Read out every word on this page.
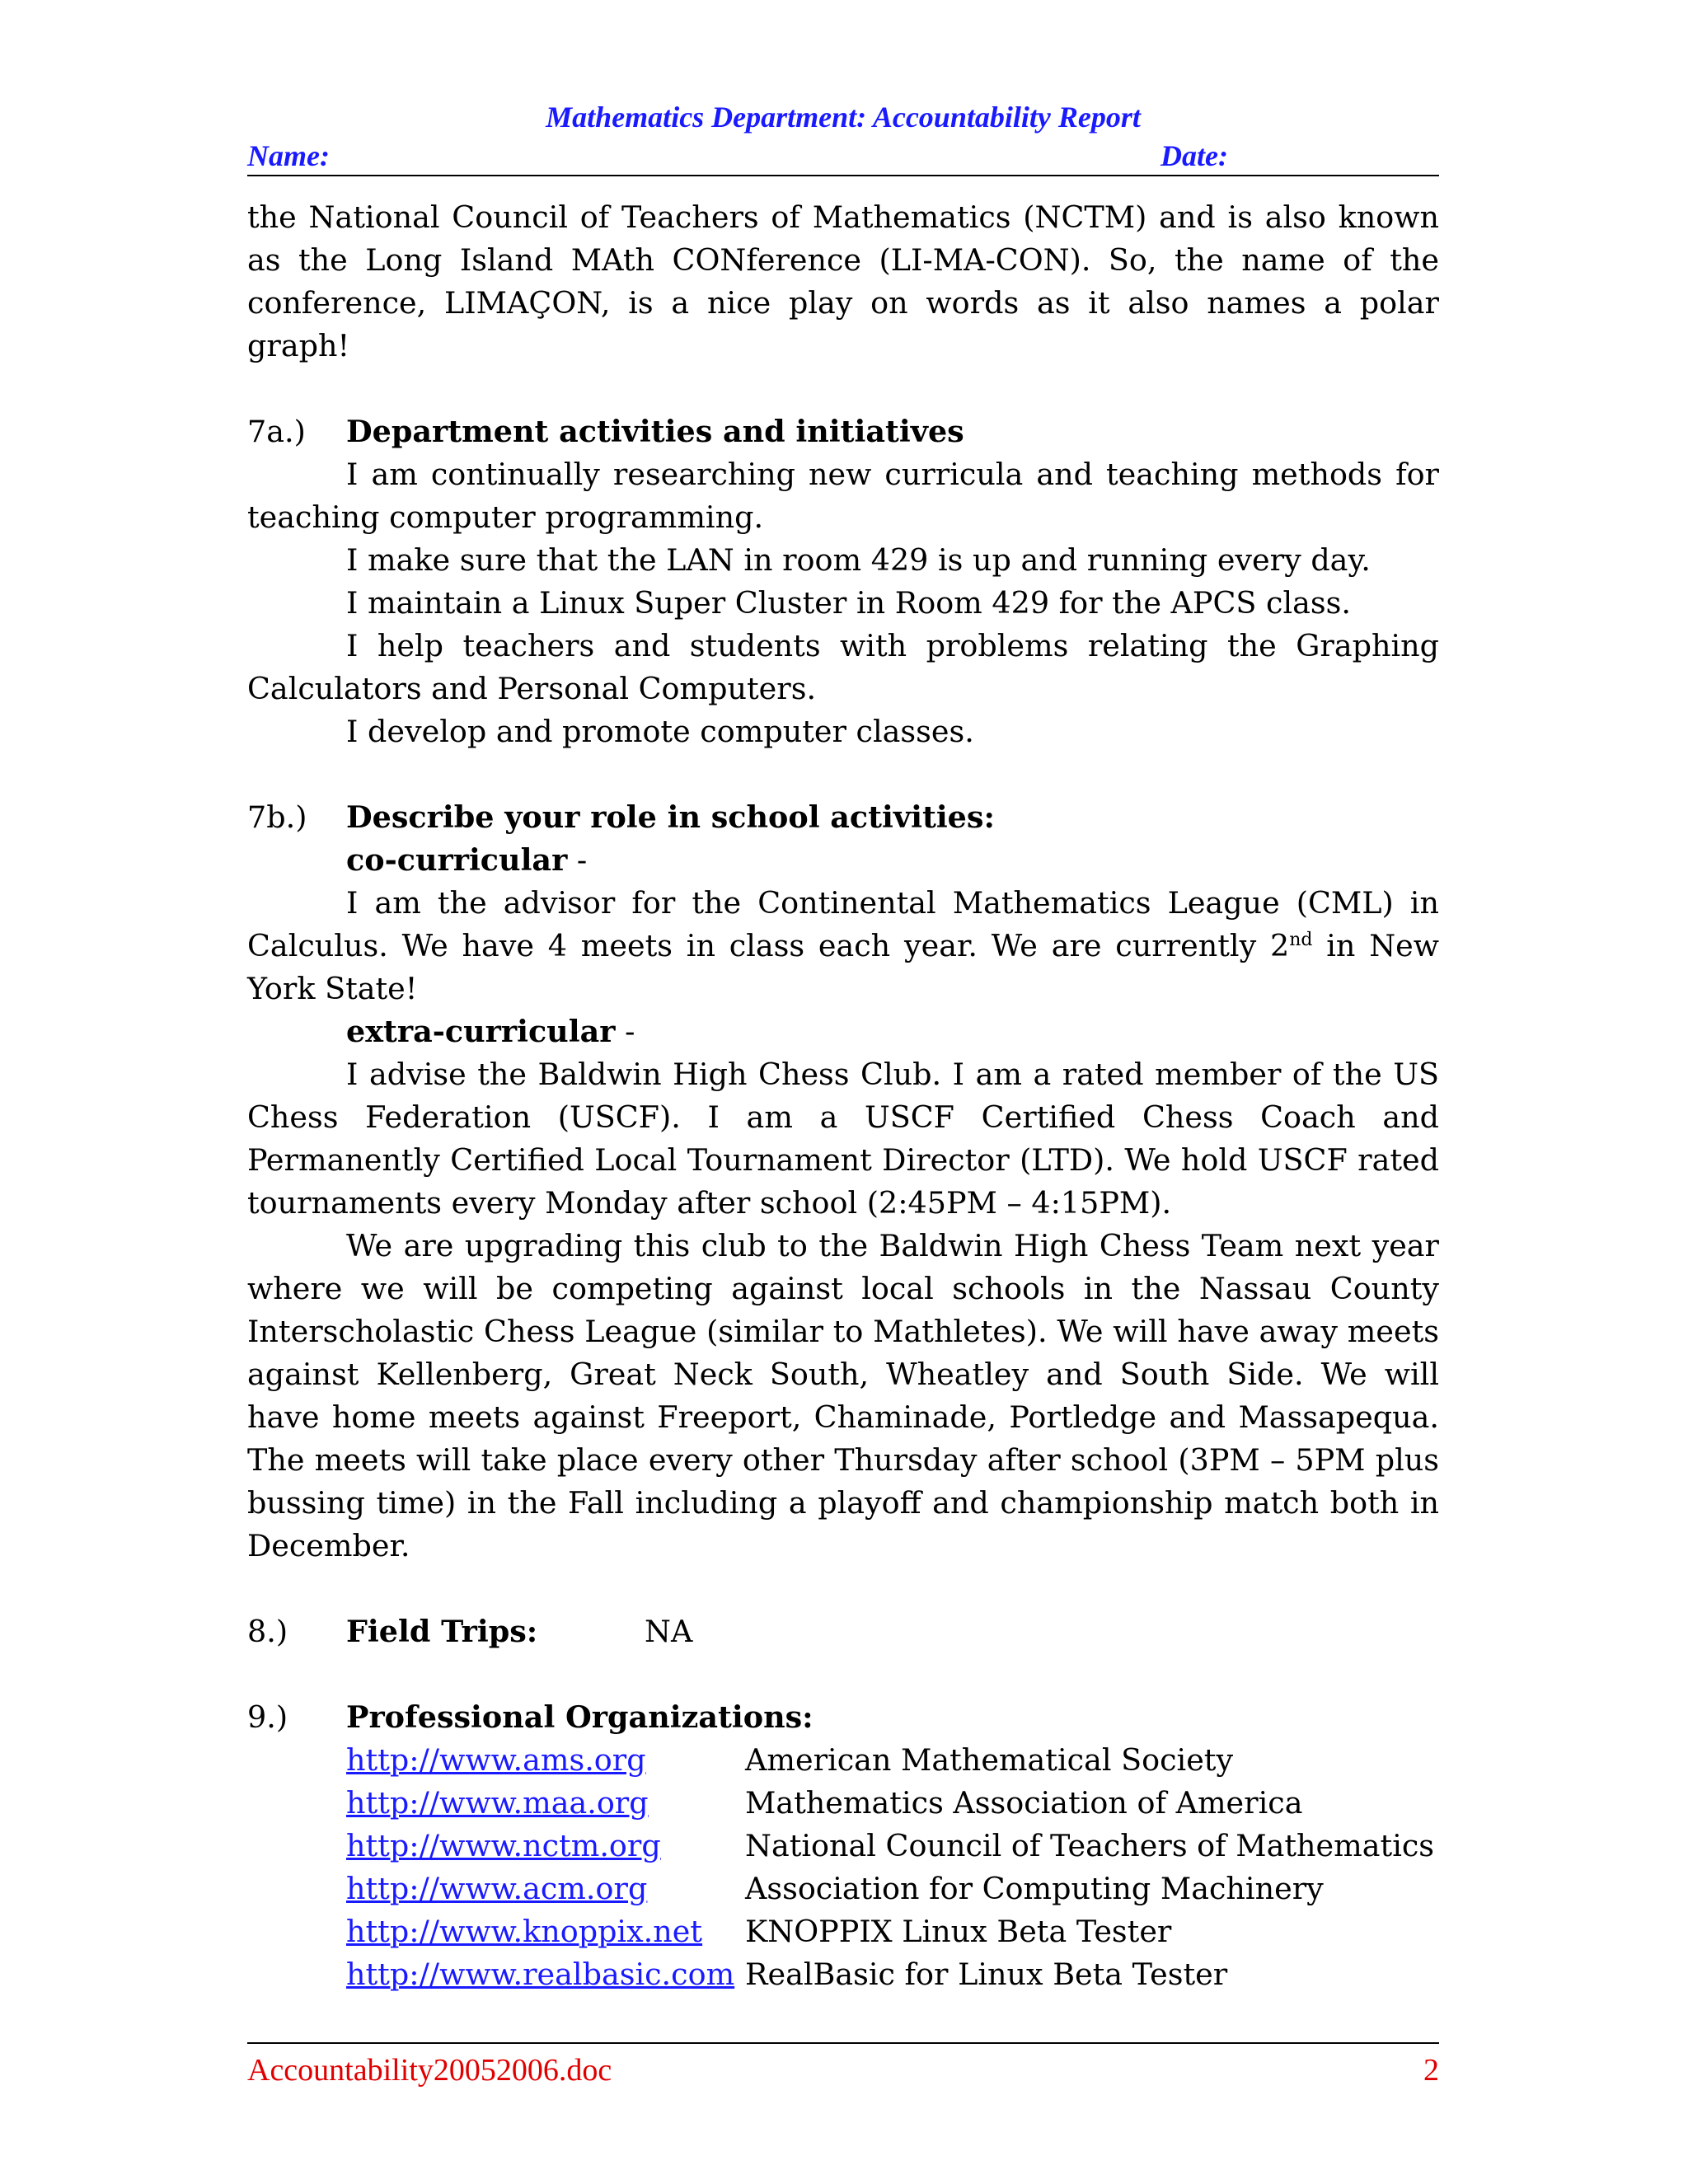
Mathematics Department: Accountability Report
Name:	Date:

the National Council of Teachers of Mathematics (NCTM) and is also known as the Long Island MAth CONference (LI-MA-CON). So, the name of the conference, LIMAÇON, is a nice play on words as it also names a polar graph!

7a.) Department activities and initiatives

I am continually researching new curricula and teaching methods for teaching computer programming.

I make sure that the LAN in room 429 is up and running every day.

I maintain a Linux Super Cluster in Room 429 for the APCS class.

I help teachers and students with problems relating the Graphing Calculators and Personal Computers.

I develop and promote computer classes.

7b.) Describe your role in school activities:
co-curricular -

I am the advisor for the Continental Mathematics League (CML) in Calculus. We have 4 meets in class each year. We are currently 2nd in New York State!

extra-curricular -

I advise the Baldwin High Chess Club. I am a rated member of the US Chess Federation (USCF). I am a USCF Certified Chess Coach and Permanently Certified Local Tournament Director (LTD). We hold USCF rated tournaments every Monday after school (2:45PM – 4:15PM).

We are upgrading this club to the Baldwin High Chess Team next year where we will be competing against local schools in the Nassau County Interscholastic Chess League (similar to Mathletes). We will have away meets against Kellenberg, Great Neck South, Wheatley and South Side. We will have home meets against Freeport, Chaminade, Portledge and Massapequa. The meets will take place every other Thursday after school (3PM – 5PM plus bussing time) in the Fall including a playoff and championship match both in December.

8.) Field Trips:	NA
9.) Professional Organizations:
http://www.ams.org	American Mathematical Society
http://www.maa.org	Mathematics Association of America
http://www.nctm.org	National Council of Teachers of Mathematics
http://www.acm.org	Association for Computing Machinery
http://www.knoppix.net KNOPPIX Linux Beta Tester
http://www.realbasic.com RealBasic for Linux Beta Tester
Accountability20052006.doc	2
